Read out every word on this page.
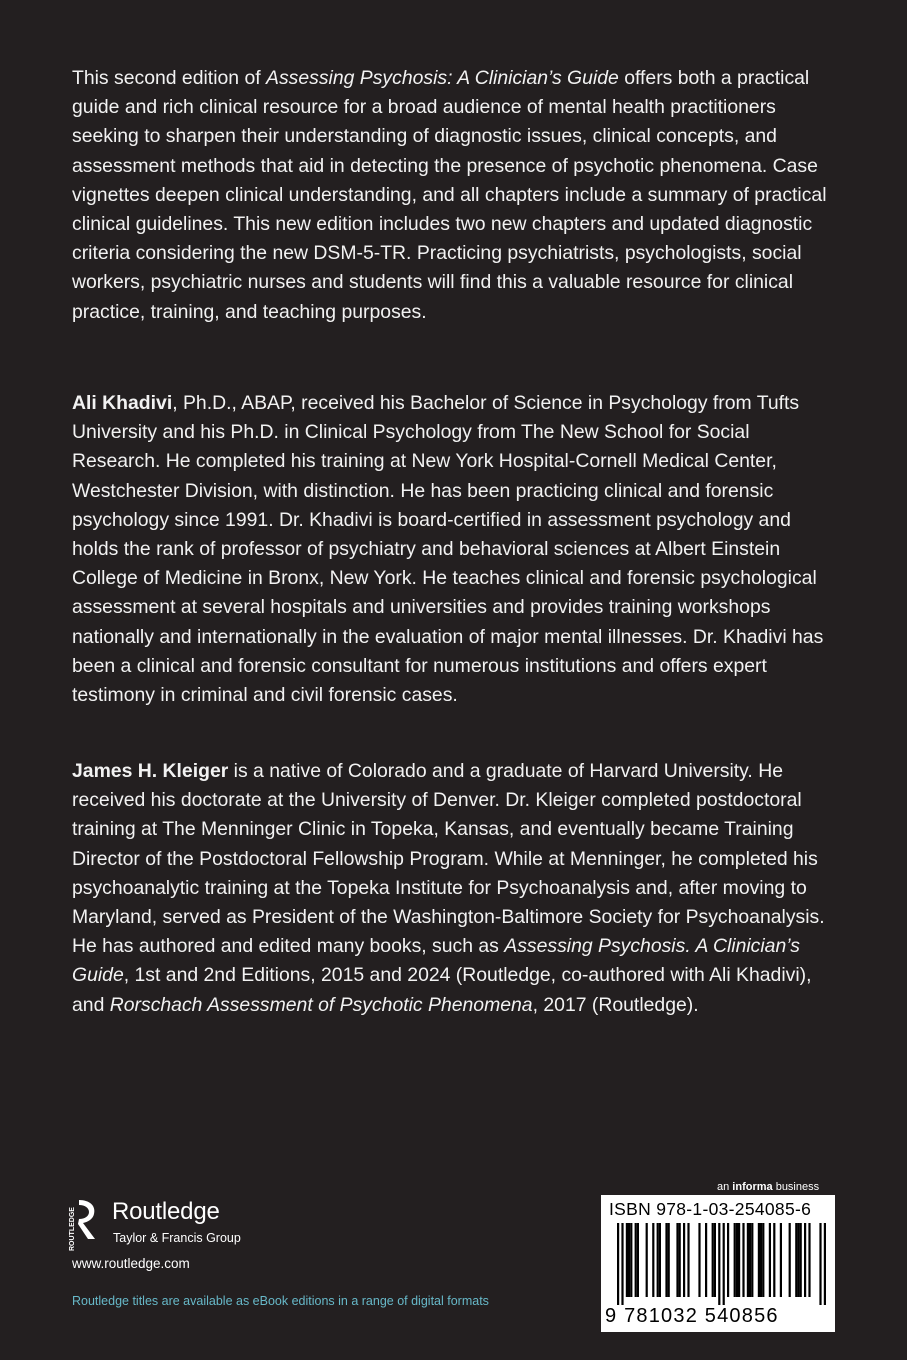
This second edition of Assessing Psychosis: A Clinician’s Guide offers both a practical guide and rich clinical resource for a broad audience of mental health practitioners seeking to sharpen their understanding of diagnostic issues, clinical concepts, and assessment methods that aid in detecting the presence of psychotic phenomena. Case vignettes deepen clinical understanding, and all chapters include a summary of practical clinical guidelines. This new edition includes two new chapters and updated diagnostic criteria considering the new DSM-5-TR. Practicing psychiatrists, psychologists, social workers, psychiatric nurses and students will find this a valuable resource for clinical practice, training, and teaching purposes.

Ali Khadivi, Ph.D., ABAP, received his Bachelor of Science in Psychology from Tufts University and his Ph.D. in Clinical Psychology from The New School for Social Research. He completed his training at New York Hospital-Cornell Medical Center, Westchester Division, with distinction. He has been practicing clinical and forensic psychology since 1991. Dr. Khadivi is board-certified in assessment psychology and holds the rank of professor of psychiatry and behavioral sciences at Albert Einstein College of Medicine in Bronx, New York. He teaches clinical and forensic psychological assessment at several hospitals and universities and provides training workshops nationally and internationally in the evaluation of major mental illnesses. Dr. Khadivi has been a clinical and forensic consultant for numerous institutions and offers expert testimony in criminal and civil forensic cases.

James H. Kleiger is a native of Colorado and a graduate of Harvard University. He received his doctorate at the University of Denver. Dr. Kleiger completed postdoctoral training at The Menninger Clinic in Topeka, Kansas, and eventually became Training Director of the Postdoctoral Fellowship Program. While at Menninger, he completed his psychoanalytic training at the Topeka Institute for Psychoanalysis and, after moving to Maryland, served as President of the Washington-Baltimore Society for Psychoanalysis. He has authored and edited many books, such as Assessing Psychosis. A Clinician’s Guide, 1st and 2nd Editions, 2015 and 2024 (Routledge, co-authored with Ali Khadivi), and Rorschach Assessment of Psychotic Phenomena, 2017 (Routledge).

ROUTLEDGE Routledge
Taylor & Francis Group
www.routledge.com
Routledge titles are available as eBook editions in a range of digital formats
an informa business
ISBN 978-1-03-254085-6
9 781032 540856
